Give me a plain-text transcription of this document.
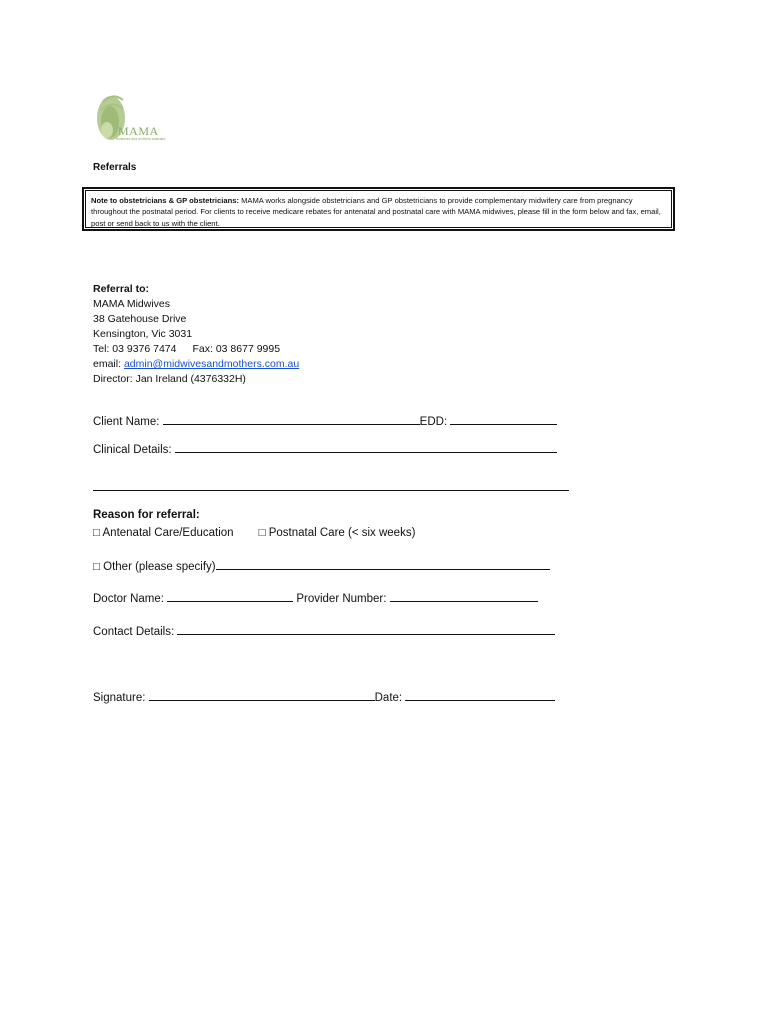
MAMA
midwives and mothers australia
Referrals
Note to obstetricians & GP obstetricians: MAMA works alongside obstetricians and GP obstetricians to provide complementary midwifery care from pregnancy throughout the postnatal period. For clients to receive medicare rebates for antenatal and postnatal care with MAMA midwives, please fill in the form below and fax, email, post or send back to us with the client.
Referral to:
MAMA Midwives
38 Gatehouse Drive
Kensington, Vic 3031
Tel: 03 9376 7474 Fax: 03 8677 9995
email: admin@midwivesandmothers.com.au
Director: Jan Ireland (4376332H)
Client Name:	EDD:
Clinical Details:
Reason for referral:
□ Antenatal Care/Education □ Postnatal Care (< six weeks)
□ Other (please specify)
Doctor Name:	Provider Number:
Contact Details:
Signature:	Date:
